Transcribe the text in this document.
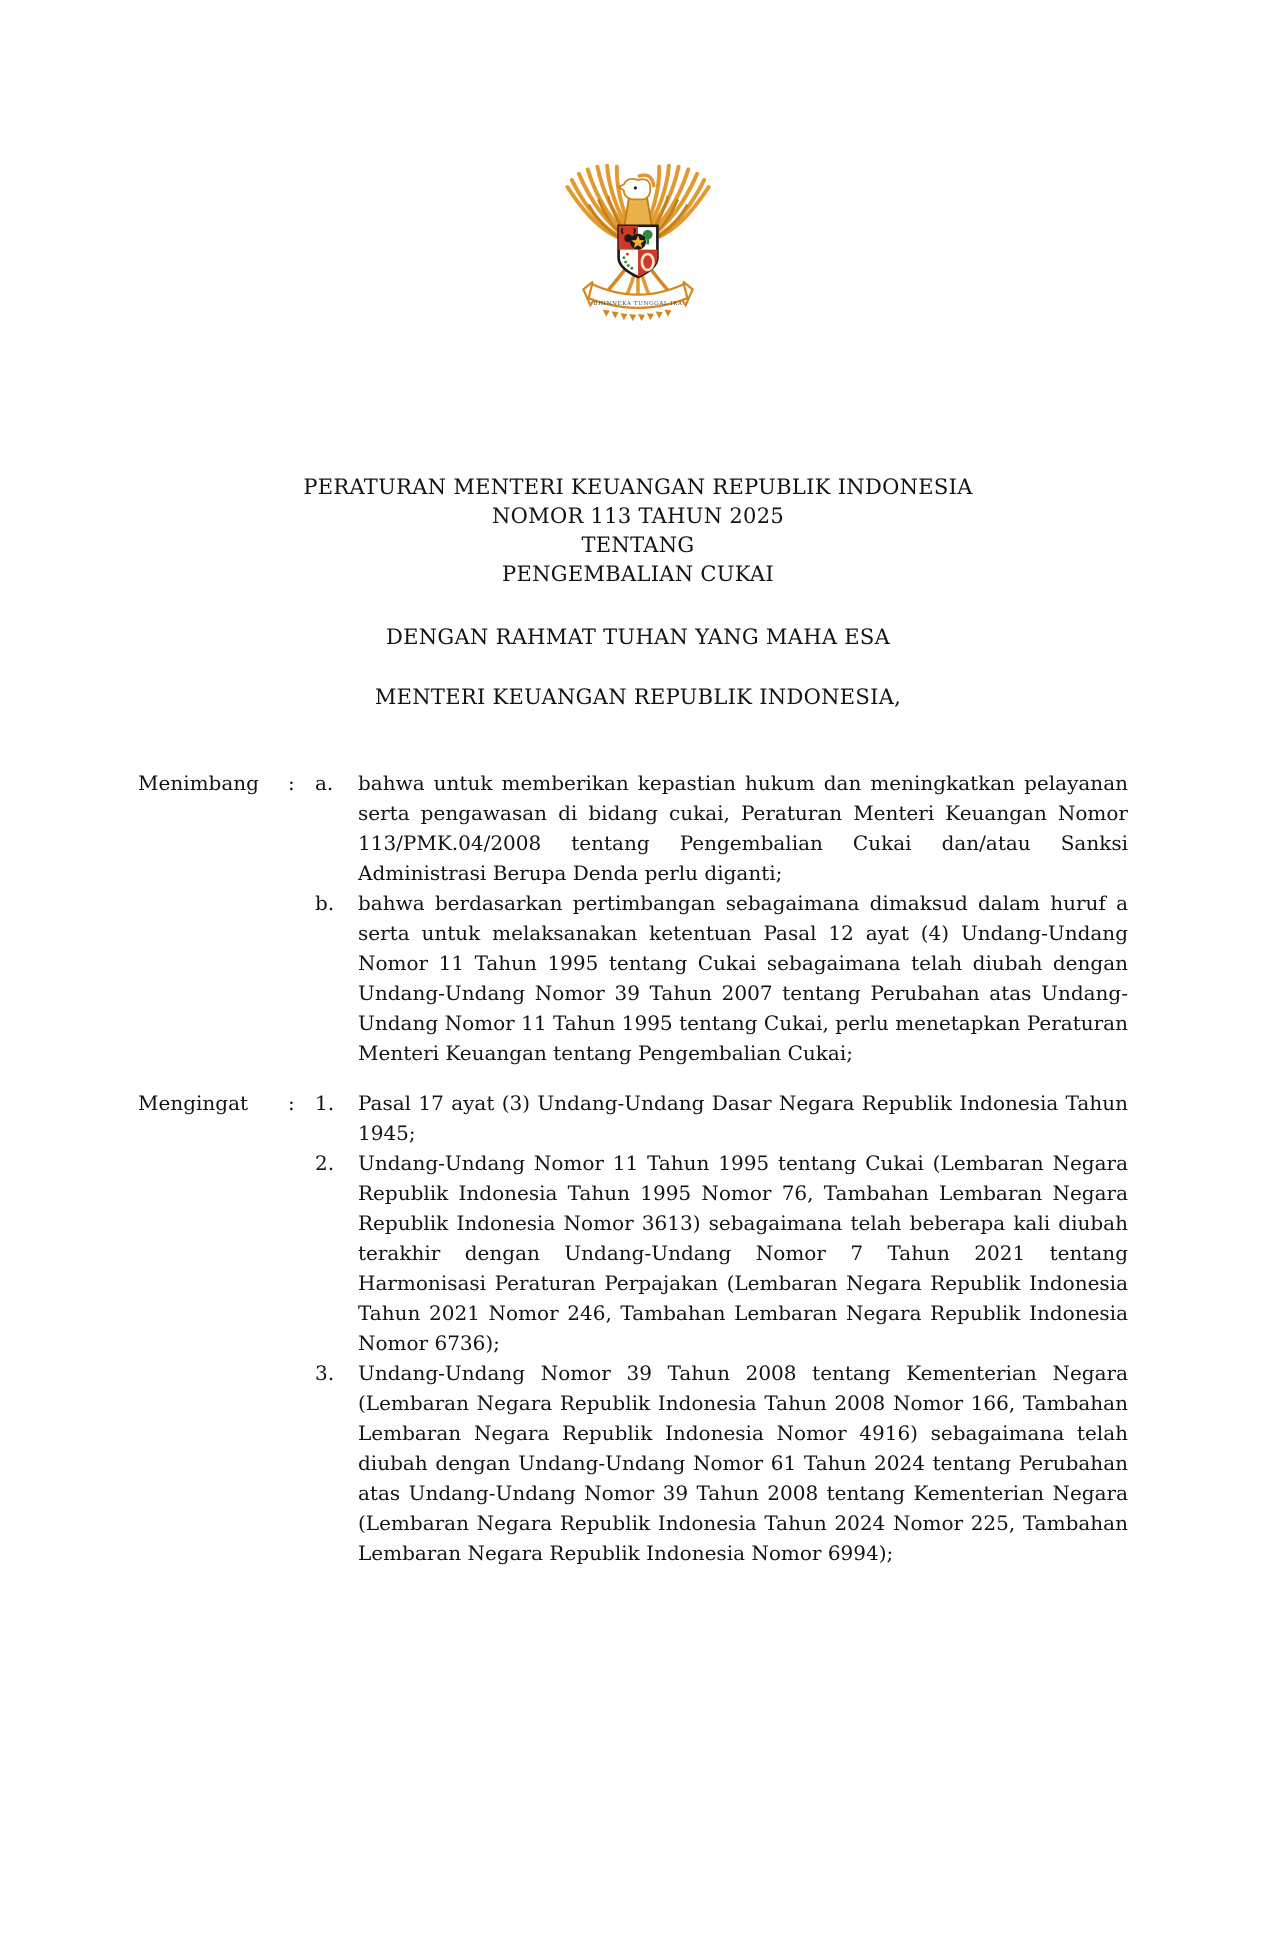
BHINNEKA TUNGGAL IKA
PERATURAN MENTERI KEUANGAN REPUBLIK INDONESIA
NOMOR 113 TAHUN 2025
TENTANG
PENGEMBALIAN CUKAI
DENGAN RAHMAT TUHAN YANG MAHA ESA
MENTERI KEUANGAN REPUBLIK INDONESIA,
Menimbang	:	a.	bahwa untuk memberikan kepastian hukum dan meningkatkan pelayanan serta pengawasan di bidang cukai, Peraturan Menteri Keuangan Nomor 113/PMK.04/2008 tentang Pengembalian Cukai dan/atau Sanksi Administrasi Berupa Denda perlu diganti;
b.	bahwa berdasarkan pertimbangan sebagaimana dimaksud dalam huruf a serta untuk melaksanakan ketentuan Pasal 12 ayat (4) Undang-Undang Nomor 11 Tahun 1995 tentang Cukai sebagaimana telah diubah dengan Undang-Undang Nomor 39 Tahun 2007 tentang Perubahan atas Undang-Undang Nomor 11 Tahun 1995 tentang Cukai, perlu menetapkan Peraturan Menteri Keuangan tentang Pengembalian Cukai;
Mengingat	:	1.	Pasal 17 ayat (3) Undang-Undang Dasar Negara Republik Indonesia Tahun 1945;
2.	Undang-Undang Nomor 11 Tahun 1995 tentang Cukai (Lembaran Negara Republik Indonesia Tahun 1995 Nomor 76, Tambahan Lembaran Negara Republik Indonesia Nomor 3613) sebagaimana telah beberapa kali diubah terakhir dengan Undang-Undang Nomor 7 Tahun 2021 tentang Harmonisasi Peraturan Perpajakan (Lembaran Negara Republik Indonesia Tahun 2021 Nomor 246, Tambahan Lembaran Negara Republik Indonesia Nomor 6736);
3.	Undang-Undang Nomor 39 Tahun 2008 tentang Kementerian Negara (Lembaran Negara Republik Indonesia Tahun 2008 Nomor 166, Tambahan Lembaran Negara Republik Indonesia Nomor 4916) sebagaimana telah diubah dengan Undang-Undang Nomor 61 Tahun 2024 tentang Perubahan atas Undang-Undang Nomor 39 Tahun 2008 tentang Kementerian Negara (Lembaran Negara Republik Indonesia Tahun 2024 Nomor 225, Tambahan Lembaran Negara Republik Indonesia Nomor 6994);
